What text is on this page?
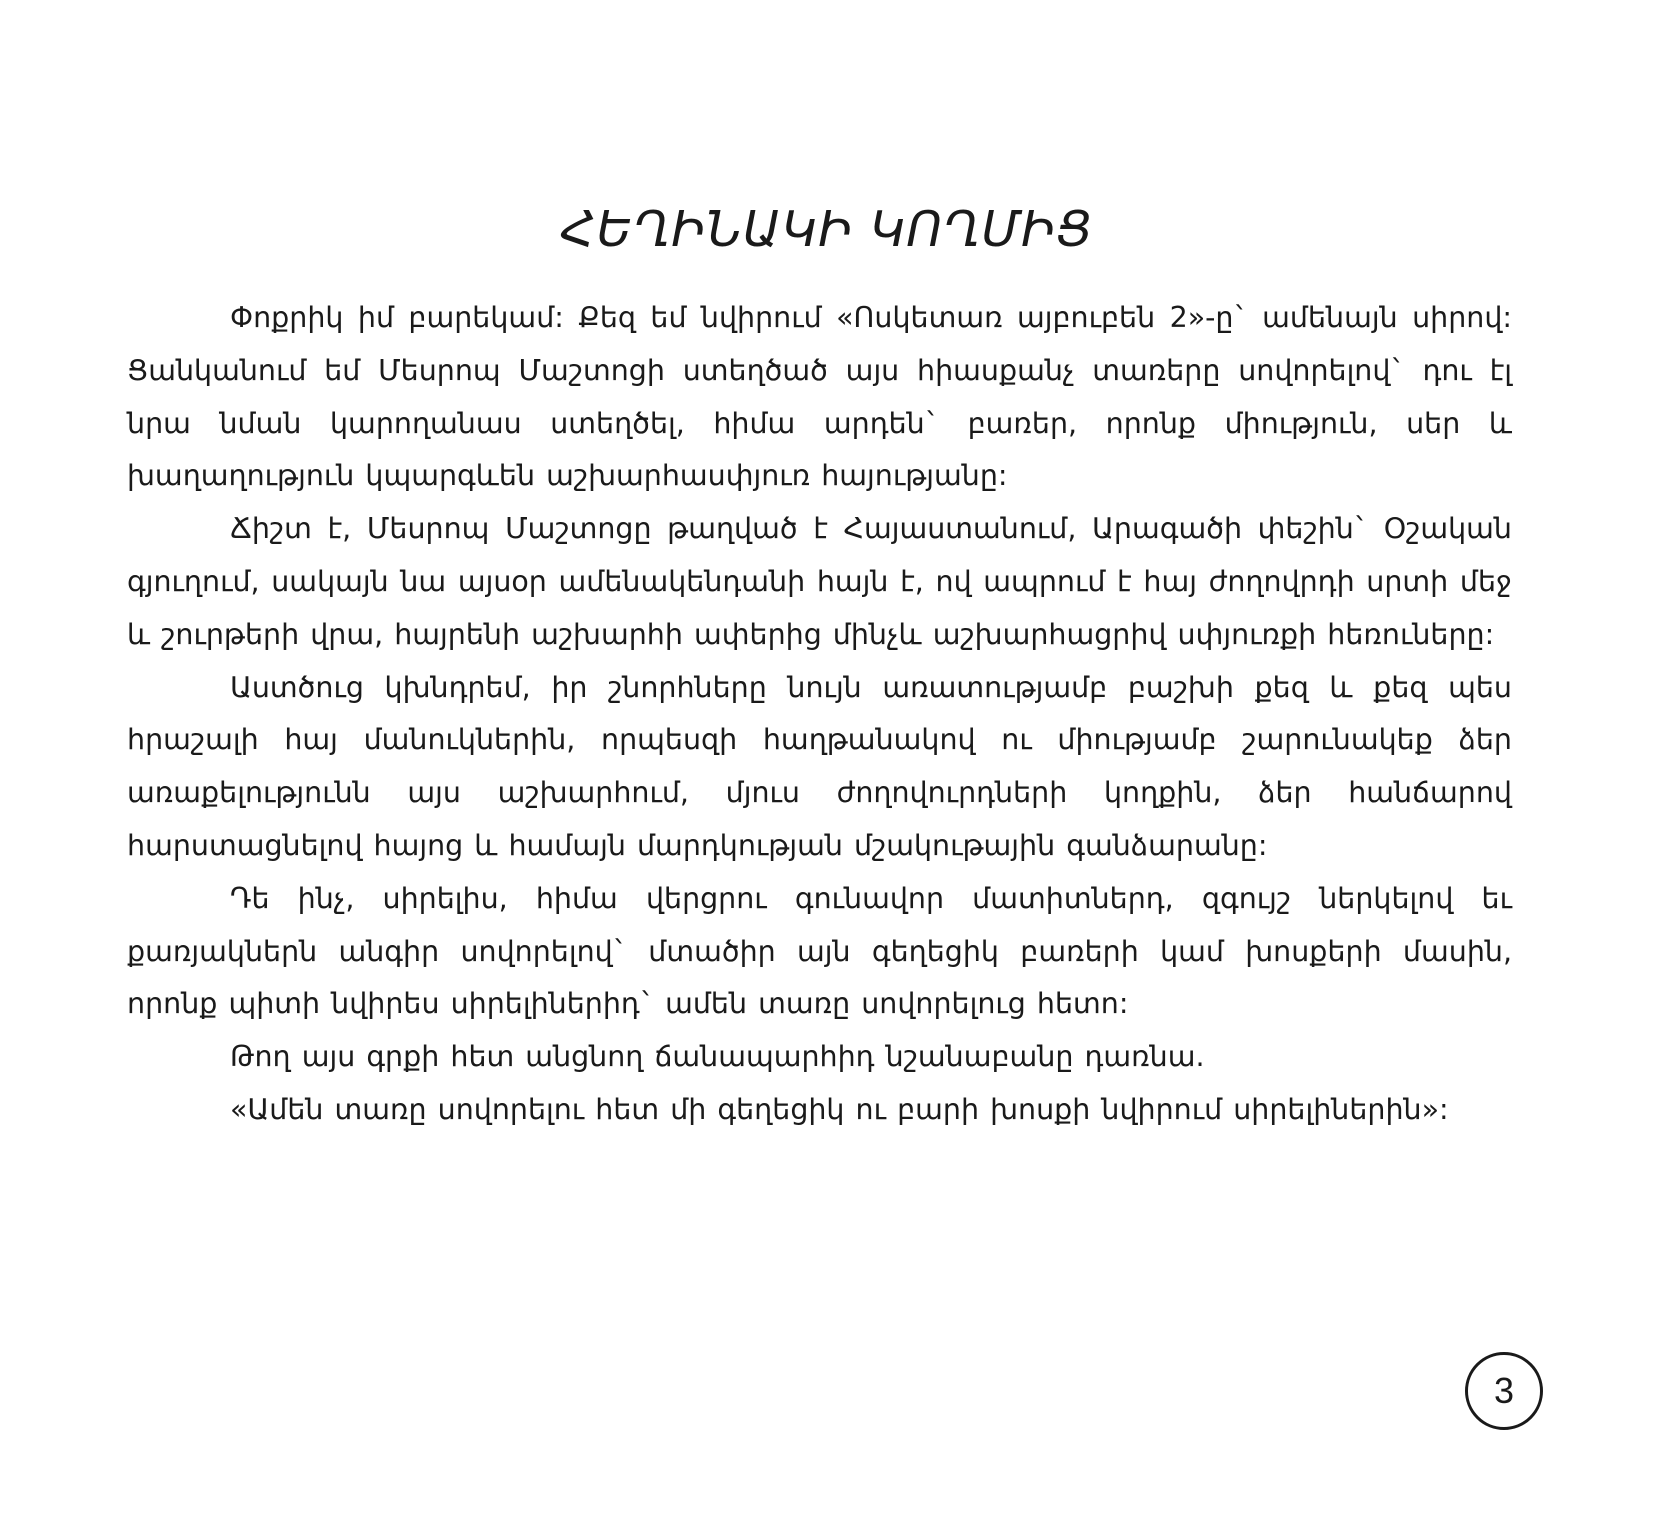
ՀԵՂԻՆԱԿԻ ԿՈՂՄԻՑ

Փոքրիկ իմ բարեկամ: Քեզ եմ նվիրում «Ոսկետառ այբուբեն 2»-ը` ամենայն սիրով: Ցանկանում եմ Մեսրոպ Մաշտոցի ստեղծած այս հիասքանչ տառերը սովորելով` դու էլ նրա նման կարողանաս ստեղծել, հիմա արդեն` բառեր, որոնք միություն, սեր և խաղաղություն կպարգևեն աշխարհասփյուռ հայությանը:

Ճիշտ է, Մեսրոպ Մաշտոցը թաղված է Հայաստանում, Արագածի փեշին` Օշական գյուղում, սակայն նա այսօր ամենակենդանի հայն է, ով ապրում է հայ ժողովրդի սրտի մեջ և շուրթերի վրա, հայրենի աշխարհի ափերից մինչև աշխարհացրիվ սփյուռքի հեռուները:

Աստծուց կխնդրեմ, իր շնորհները նույն առատությամբ բաշխի քեզ և քեզ պես հրաշալի հայ մանուկներին, որպեսզի հաղթանակով ու միությամբ շարունակեք ձեր առաքելությունն այս աշխարհում, մյուս ժողովուրդների կողքին, ձեր հանճարով հարստացնելով հայոց և համայն մարդկության մշակութային գանձարանը:

Դե ինչ, սիրելիս, հիմա վերցրու գունավոր մատիտներդ, զգույշ ներկելով եւ քառյակներն անգիր սովորելով` մտածիր այն գեղեցիկ բառերի կամ խոսքերի մասին, որոնք պիտի նվիրես սիրելիներիդ` ամեն տառը սովորելուց հետո:

Թող այս գրքի հետ անցնող ճանապարհիդ նշանաբանը դառնա.

«Ամեն տառը սովորելու հետ մի գեղեցիկ ու բարի խոսքի նվիրում սիրելիներին»:

3
